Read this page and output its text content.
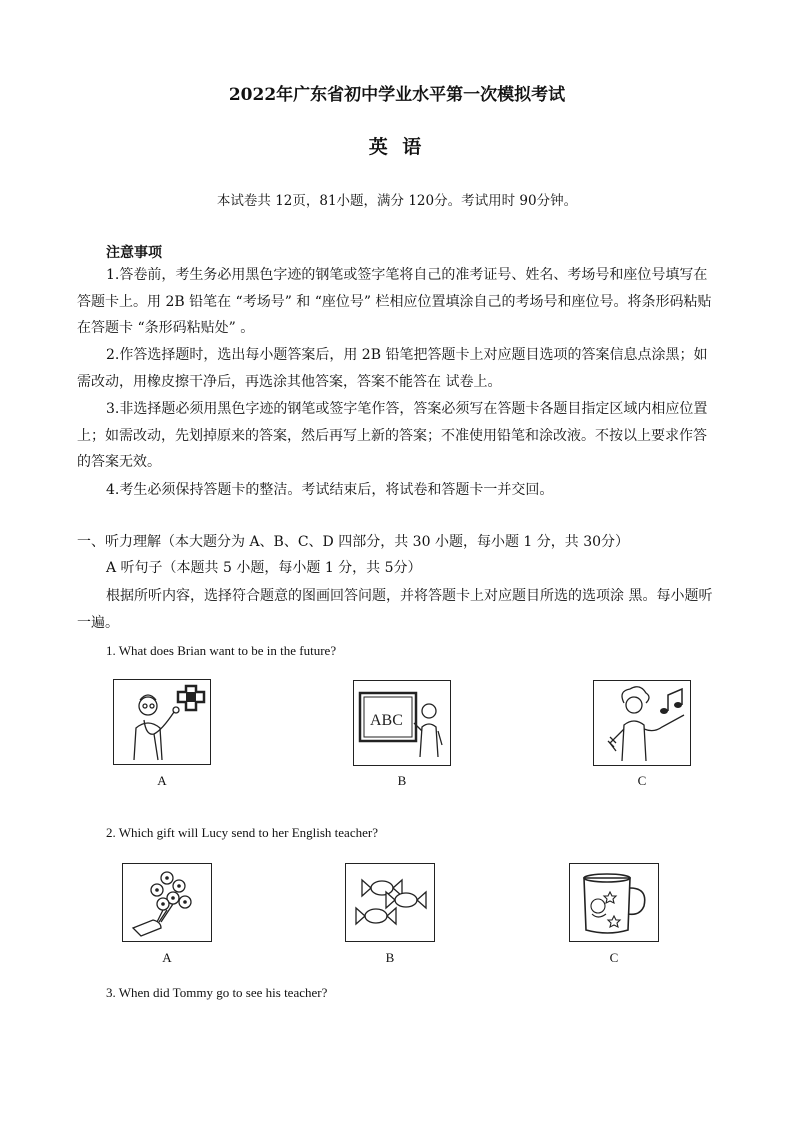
2022年广东省初中学业水平第一次模拟考试
英 语
本试卷共 12页，81小题，满分 120分。考试用时 90分钟。
注意事项
1.答卷前，考生务必用黑色字迹的钢笔或签字笔将自己的准考证号、姓名、考场号和座位号填写在答题卡上。用 2B 铅笔在 “考场号” 和 “座位号” 栏相应位置填涂自己的考场号和座位号。将条形码粘贴在答题卡 “条形码粘贴处” 。
2.作答选择题时，选出每小题答案后，用 2B 铅笔把答题卡上对应题目选项的答案信息点涂黑；如需改动，用橡皮擦干净后，再选涂其他答案，答案不能答在 试卷上。
3.非选择题必须用黑色字迹的钢笔或签字笔作答，答案必须写在答题卡各题目指定区域内相应位置上；如需改动，先划掉原来的答案，然后再写上新的答案；不准使用铅笔和涂改液。不按以上要求作答的答案无效。
4.考生必须保持答题卡的整洁。考试结束后，将试卷和答题卡一并交回。
一、听力理解（本大题分为 A、B、C、D 四部分，共 30 小题，每小题 1 分，共 30分）
A 听句子（本题共 5 小题，每小题 1 分，共 5分）
根据所听内容，选择符合题意的图画回答问题，并将答题卡上对应题目所选的选项涂 黑。每小题听一遍。
1. What does Brian want to be in the future?
A
ABC
B	C
2. Which gift will Lucy send to her English teacher?
A	B	C
3. When did Tommy go to see his teacher?
